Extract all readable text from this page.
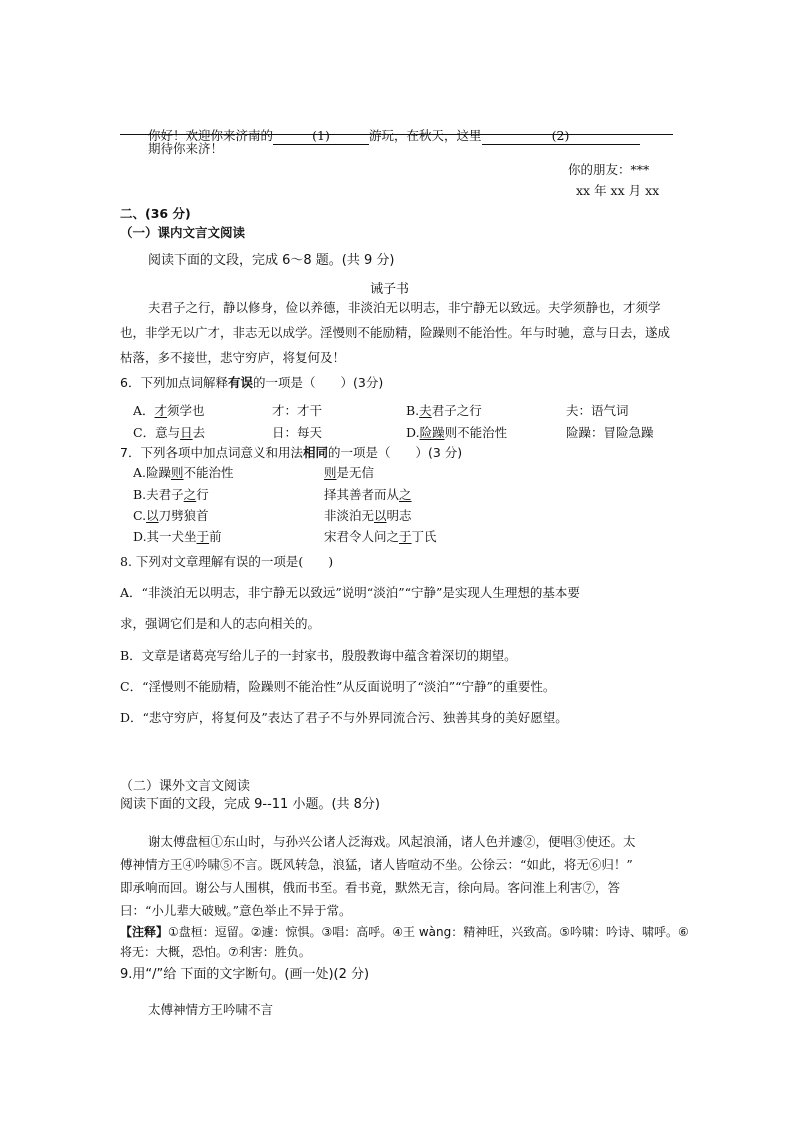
你好！欢迎你来济南的	(1)	游玩，在秋天，这里	(2)
期待你来济！
你的朋友：***
xx 年 xx 月 xx
二、(36 分)
（一）课内文言文阅读
阅读下面的文段，完成 6～8 题。(共 9 分)
诫子书
夫君子之行，静以修身，俭以养德，非淡泊无以明志，非宁静无以致远。夫学须静也，才须学
也，非学无以广才，非志无以成学。淫慢则不能励精，险躁则不能治性。年与时驰，意与日去，遂成
枯落，多不接世，悲守穷庐，将复何及！
6．下列加点词解释有误的一项是（　　）(3分)
A．才须学也	才：才干	B.夫君子之行	夫：语气词
C．意与日去	日：每天	D.险躁则不能治性	险躁：冒险急躁
7．下列各项中加点词意义和用法相同的一项是（　　）(3 分)
A.险躁则不能治性	则是无信
B.夫君子之行	择其善者而从之
C.以刀劈狼首	非淡泊无以明志
D.其一犬坐于前	宋君令人问之于丁氏
8. 下列对文章理解有误的一项是(　　)
A．“非淡泊无以明志，非宁静无以致远”说明“淡泊”“宁静”是实现人生理想的基本要
求，强调它们是和人的志向相关的。
B．文章是诸葛亮写给儿子的一封家书，殷殷教诲中蕴含着深切的期望。
C．“淫慢则不能励精，险躁则不能治性”从反面说明了“淡泊”“宁静”的重要性。
D．“悲守穷庐，将复何及”表达了君子不与外界同流合污、独善其身的美好愿望。
（二）课外文言文阅读
阅读下面的文段，完成 9--11 小题。(共 8分)
谢太傅盘桓①东山时，与孙兴公诸人泛海戏。风起浪涌，诸人色并遽②，便唱③使还。太
傅神情方王④吟啸⑤不言。既风转急，浪猛，诸人皆喧动不坐。公徐云：“如此，将无⑥归！”
即承响而回。谢公与人围棋，俄而书至。看书竟，默然无言，徐向局。客问淮上利害⑦，答
曰：“小儿辈大破贼。”意色举止不异于常。
【注释】①盘桓：逗留。②遽：惊惧。③唱：高呼。④王 wàng：精神旺，兴致高。⑤吟啸：吟诗、啸呼。⑥
将无：大概，恐怕。⑦利害：胜负。
9.用“/”给 下面的文字断句。(画一处)(2 分)
太傅神情方王吟啸不言
